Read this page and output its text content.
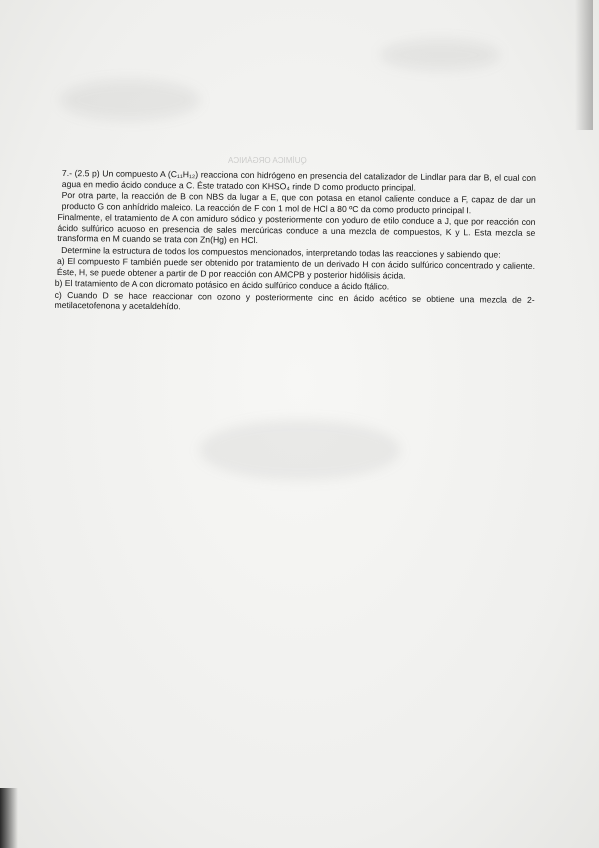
QUÍMICA ORGÁNICA

7.- (2.5 p) Un compuesto A (C₁₁H₁₂) reacciona con hidrógeno en presencia del catalizador de Lindlar para dar B, el cual con agua en medio ácido conduce a C. Éste tratado con KHSO₄ rinde D como producto principal.

Por otra parte, la reacción de B con NBS da lugar a E, que con potasa en etanol caliente conduce a F, capaz de dar un producto G con anhídrido maleico. La reacción de F con 1 mol de HCl a 80 ºC da como producto principal I.

Finalmente, el tratamiento de A con amiduro sódico y posteriormente con yoduro de etilo conduce a J, que por reacción con ácido sulfúrico acuoso en presencia de sales mercúricas conduce a una mezcla de compuestos, K y L. Esta mezcla se transforma en M cuando se trata con Zn(Hg) en HCl.

Determine la estructura de todos los compuestos mencionados, interpretando todas las reacciones y sabiendo que:

a) El compuesto F también puede ser obtenido por tratamiento de un derivado H con ácido sulfúrico concentrado y caliente. Éste, H, se puede obtener a partir de D por reacción con AMCPB y posterior hidólisis ácida.

b) El tratamiento de A con dicromato potásico en ácido sulfúrico conduce a ácido ftálico.

c) Cuando D se hace reaccionar con ozono y posteriormente cinc en ácido acético se obtiene una mezcla de 2-metilacetofenona y acetaldehído.
